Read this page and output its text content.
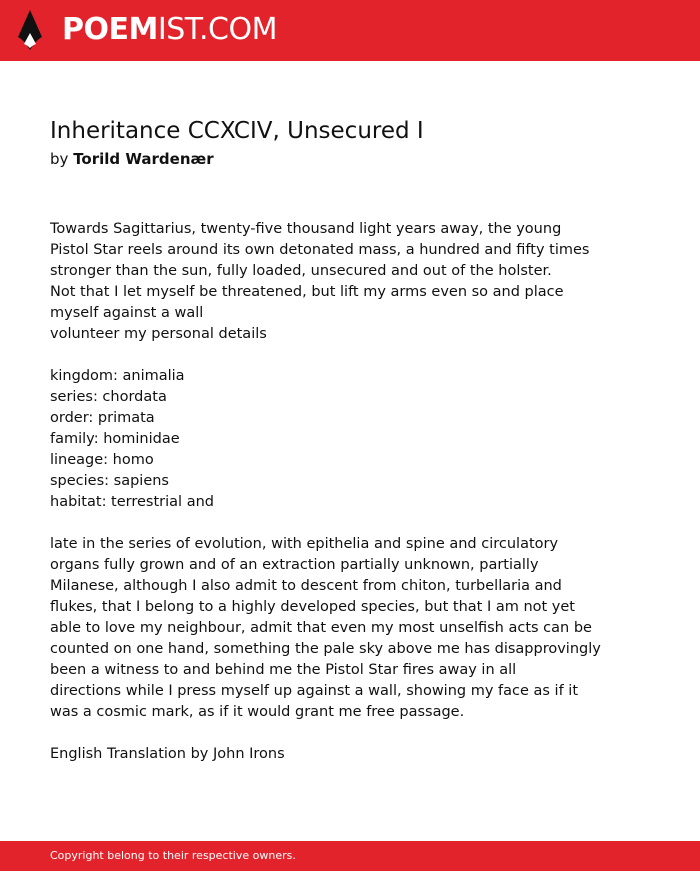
POEMIST.COM
Inheritance CCXCIV, Unsecured I
by Torild Wardenær

Towards Sagittarius, twenty-five thousand light years away, the young
Pistol Star reels around its own detonated mass, a hundred and fifty times
stronger than the sun, fully loaded, unsecured and out of the holster.
Not that I let myself be threatened, but lift my arms even so and place
myself against a wall
volunteer my personal details

kingdom: animalia
series: chordata
order: primata
family: hominidae
lineage: homo
species: sapiens
habitat: terrestrial and

late in the series of evolution, with epithelia and spine and circulatory
organs fully grown and of an extraction partially unknown, partially
Milanese, although I also admit to descent from chiton, turbellaria and
flukes, that I belong to a highly developed species, but that I am not yet
able to love my neighbour, admit that even my most unselfish acts can be
counted on one hand, something the pale sky above me has disapprovingly
been a witness to and behind me the Pistol Star fires away in all
directions while I press myself up against a wall, showing my face as if it
was a cosmic mark, as if it would grant me free passage.

English Translation by John Irons

Copyright belong to their respective owners.
